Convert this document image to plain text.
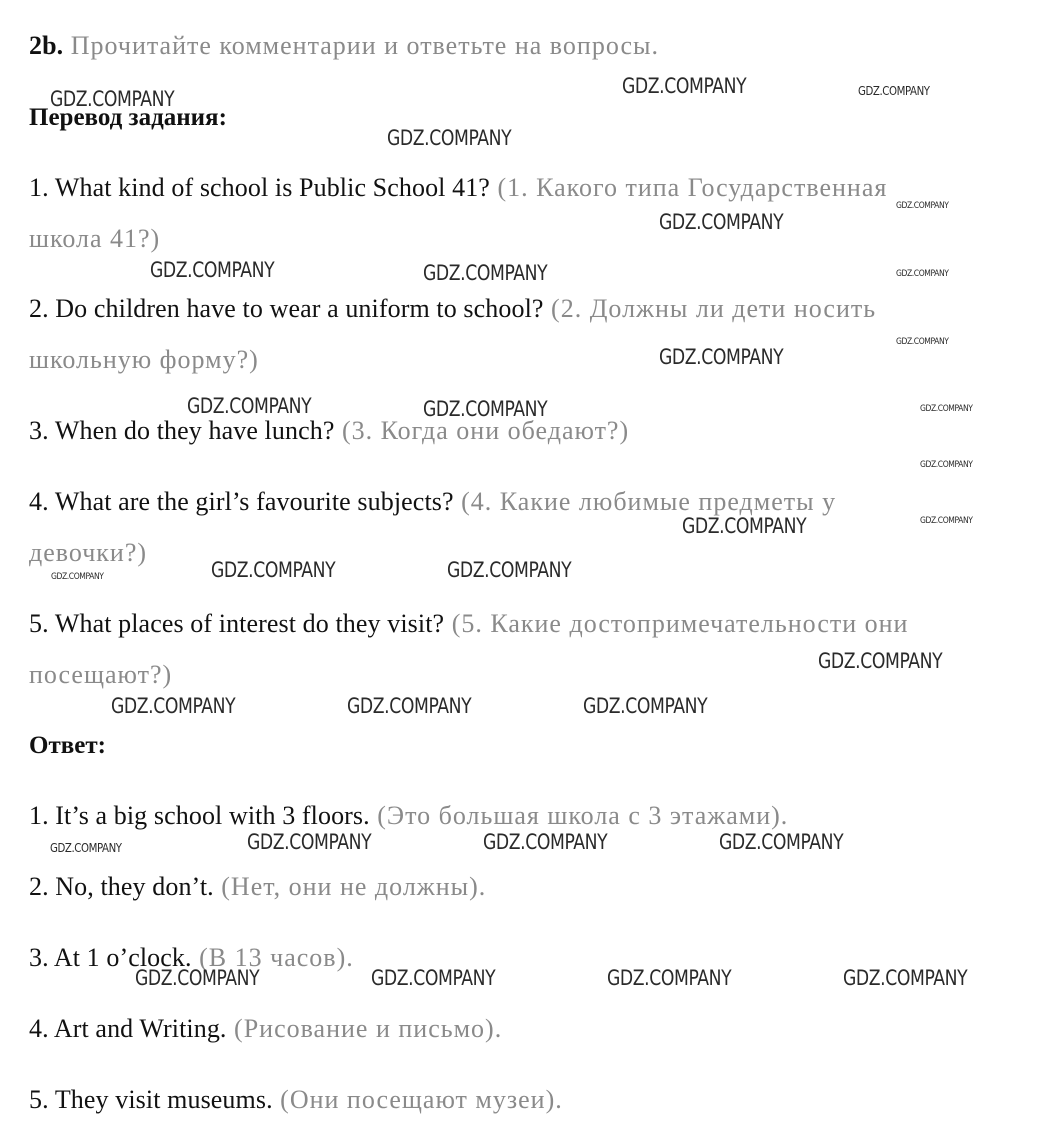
2b. Прочитайте комментарии и ответьте на вопросы.
Перевод задания:
1. What kind of school is Public School 41? (1. Какого типа Государственная
школа 41?)
2. Do children have to wear a uniform to school? (2. Должны ли дети носить
школьную форму?)
3. When do they have lunch? (3. Когда они обедают?)
4. What are the girl’s favourite subjects? (4. Какие любимые предметы у
девочки?)
5. What places of interest do they visit? (5. Какие достопримечательности они
посещают?)
Ответ:
1. It’s a big school with 3 floors. (Это большая школа с 3 этажами).
2. No, they don’t. (Нет, они не должны).
3. At 1 o’clock. (В 13 часов).
4. Art and Writing. (Рисование и письмо).
5. They visit museums. (Они посещают музеи).
GDZ.COMPANY
GDZ.COMPANY	GDZ.COMPANY
GDZ.COMPANY
GDZ.COMPANY
GDZ.COMPANY
GDZ.COMPANY	GDZ.COMPANY	GDZ.COMPANY
GDZ.COMPANY
GDZ.COMPANY
GDZ.COMPANY	GDZ.COMPANY	GDZ.COMPANY
GDZ.COMPANY
GDZ.COMPANY	GDZ.COMPANY
GDZ.COMPANY	GDZ.COMPANY	GDZ.COMPANY
GDZ.COMPANY
GDZ.COMPANY	GDZ.COMPANY	GDZ.COMPANY
GDZ.COMPANY	GDZ.COMPANY	GDZ.COMPANY	GDZ.COMPANY
GDZ.COMPANY	GDZ.COMPANY	GDZ.COMPANY	GDZ.COMPANY
